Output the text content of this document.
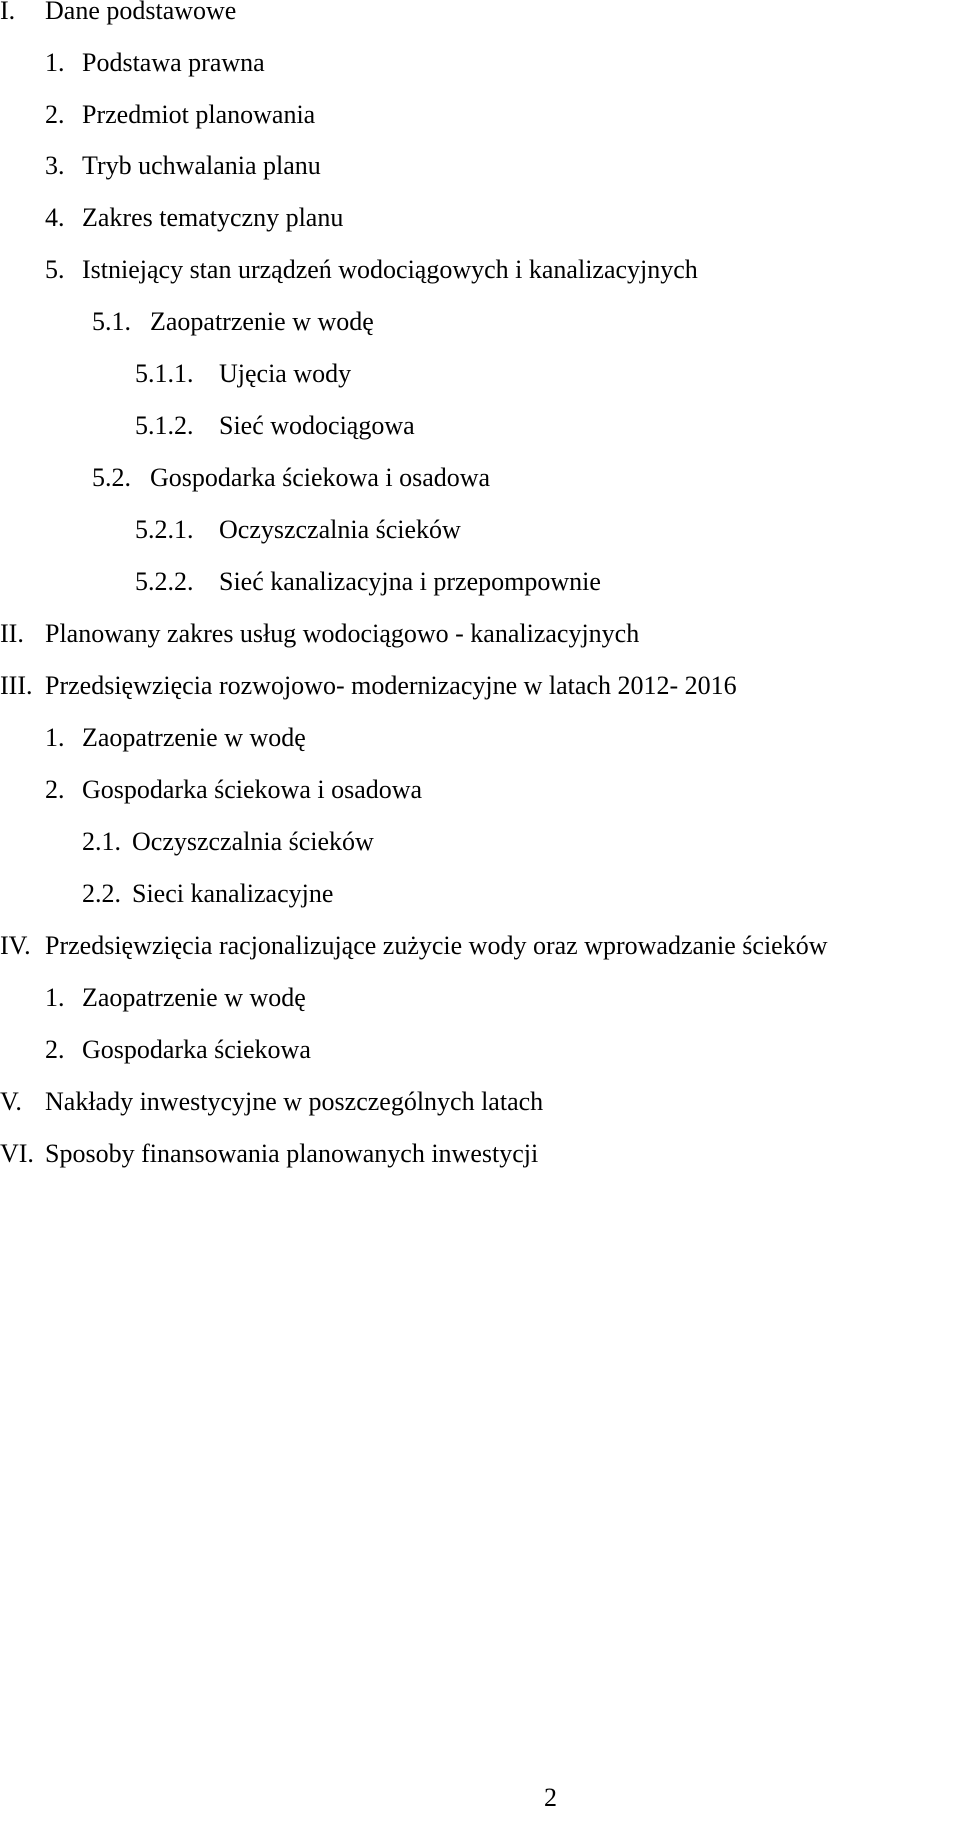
I. Dane podstawowe
1. Podstawa prawna
2. Przedmiot planowania
3. Tryb uchwalania planu
4. Zakres tematyczny planu
5. Istniejący stan urządzeń wodociągowych i kanalizacyjnych
5.1. Zaopatrzenie w wodę
5.1.1. Ujęcia wody
5.1.2. Sieć wodociągowa
5.2. Gospodarka ściekowa i osadowa
5.2.1. Oczyszczalnia ścieków
5.2.2. Sieć kanalizacyjna i przepompownie
II. Planowany zakres usług wodociągowo - kanalizacyjnych
III. Przedsięwzięcia rozwojowo- modernizacyjne w latach 2012- 2016
1. Zaopatrzenie w wodę
2. Gospodarka ściekowa i osadowa
2.1. Oczyszczalnia ścieków
2.2. Sieci kanalizacyjne
IV. Przedsięwzięcia racjonalizujące zużycie wody oraz wprowadzanie ścieków
1. Zaopatrzenie w wodę
2. Gospodarka ściekowa
V. Nakłady inwestycyjne w poszczególnych latach
VI. Sposoby finansowania planowanych inwestycji
2
